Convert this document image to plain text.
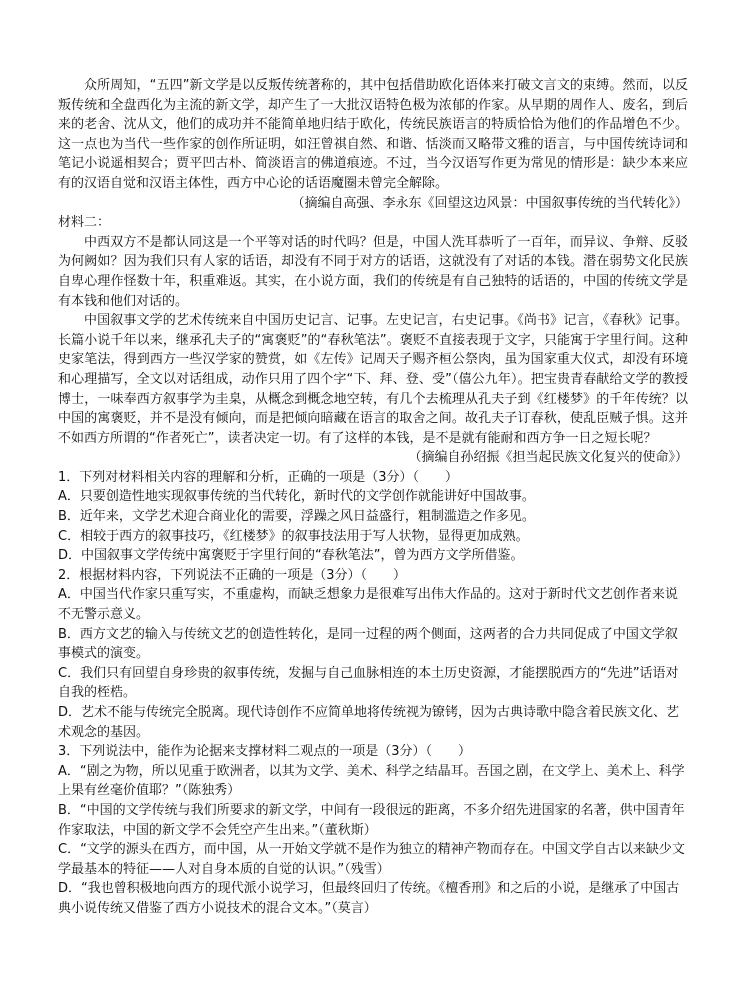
众所周知，“五四”新文学是以反叛传统著称的，其中包括借助欧化语体来打破文言文的束缚。然而，以反叛传统和全盘西化为主流的新文学，却产生了一大批汉语特色极为浓郁的作家。从早期的周作人、废名，到后来的老舍、沈从文，他们的成功并不能简单地归结于欧化，传统民族语言的特质恰恰为他们的作品增色不少。这一点也为当代一些作家的创作所证明，如汪曾祺自然、和谐、恬淡而又略带文雅的语言，与中国传统诗词和笔记小说遥相契合；贾平凹古朴、简淡语言的佛道痕迹。不过，当今汉语写作更为常见的情形是：缺少本来应有的汉语自觉和汉语主体性，西方中心论的话语魔圈未曾完全解除。

（摘编自高强、李永东《回望这边风景：中国叙事传统的当代转化》）

材料二：

中西双方不是都认同这是一个平等对话的时代吗？但是，中国人洗耳恭听了一百年，而异议、争辩、反驳为何阙如？因为我们只有人家的话语，却没有不同于对方的话语，这就没有了对话的本钱。潜在弱势文化民族自卑心理作怪数十年，积重难返。其实，在小说方面，我们的传统是有自己独特的话语的，中国的传统文学是有本钱和他们对话的。

中国叙事文学的艺术传统来自中国历史记言、记事。左史记言，右史记事。《尚书》记言，《春秋》记事。长篇小说千年以来，继承孔夫子的“寓褒贬”的“春秋笔法”。褒贬不直接表现于文字，只能寓于字里行间。这种史家笔法，得到西方一些汉学家的赞赏，如《左传》记周天子赐齐桓公祭肉，虽为国家重大仪式，却没有环境和心理描写，全文以对话组成，动作只用了四个字“下、拜、登、受”（僖公九年）。把宝贵青春献给文学的教授博士，一味奉西方叙事学为圭臬，从概念到概念地空转，有几个去梳理从孔夫子到《红楼梦》的千年传统？以中国的寓褒贬，并不是没有倾向，而是把倾向暗藏在语言的取舍之间。故孔夫子订春秋，使乱臣贼子惧。这并不如西方所谓的“作者死亡”，读者决定一切。有了这样的本钱，是不是就有能耐和西方争一日之短长呢？

（摘编自孙绍振《担当起民族文化复兴的使命》）

1．下列对材料相关内容的理解和分析，正确的一项是（3分）（　　）

A．只要创造性地实现叙事传统的当代转化，新时代的文学创作就能讲好中国故事。

B．近年来，文学艺术迎合商业化的需要，浮躁之风日益盛行，粗制滥造之作多见。

C．相较于西方的叙事技巧，《红楼梦》的叙事技法用于写人状物，显得更加成熟。

D．中国叙事文学传统中寓褒贬于字里行间的“春秋笔法”，曾为西方文学所借鉴。

2．根据材料内容，下列说法不正确的一项是（3分）（　　）

A．中国当代作家只重写实，不重虚构，而缺乏想象力是很难写出伟大作品的。这对于新时代文艺创作者来说不无警示意义。

B．西方文艺的输入与传统文艺的创造性转化，是同一过程的两个侧面，这两者的合力共同促成了中国文学叙事模式的演变。

C．我们只有回望自身珍贵的叙事传统，发掘与自己血脉相连的本土历史资源，才能摆脱西方的“先进”话语对自我的桎梏。

D．艺术不能与传统完全脱离。现代诗创作不应简单地将传统视为镣铐，因为古典诗歌中隐含着民族文化、艺术观念的基因。

3．下列说法中，能作为论据来支撑材料二观点的一项是（3分）（　　）

A．“剧之为物，所以见重于欧洲者，以其为文学、美术、科学之结晶耳。吾国之剧，在文学上、美术上、科学上果有丝毫价值耶？”（陈独秀）

B．“中国的文学传统与我们所要求的新文学，中间有一段很远的距离，不多介绍先进国家的名著，供中国青年作家取法，中国的新文学不会凭空产生出来。”（董秋斯）

C．“文学的源头在西方，而中国，从一开始文学就不是作为独立的精神产物而存在。中国文学自古以来缺少文学最基本的特征——人对自身本质的自觉的认识。”（残雪）

D．“我也曾积极地向西方的现代派小说学习，但最终回归了传统。《檀香刑》和之后的小说，是继承了中国古典小说传统又借鉴了西方小说技术的混合文本。”（莫言）
